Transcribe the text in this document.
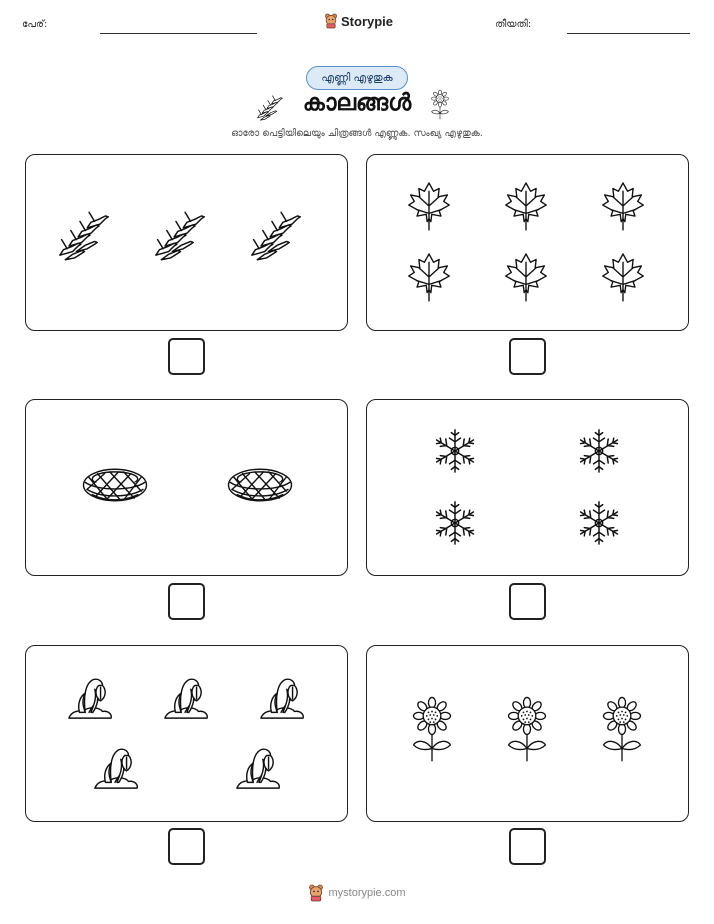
പേര്:	Storypie	തീയതി:
എണ്ണി എഴുതുക
കാലങ്ങൾ
ഓരോ പെട്ടിയിലെയും ചിത്രങ്ങൾ എണ്ണുക. സംഖ്യ എഴുതുക.
mystorypie.com
